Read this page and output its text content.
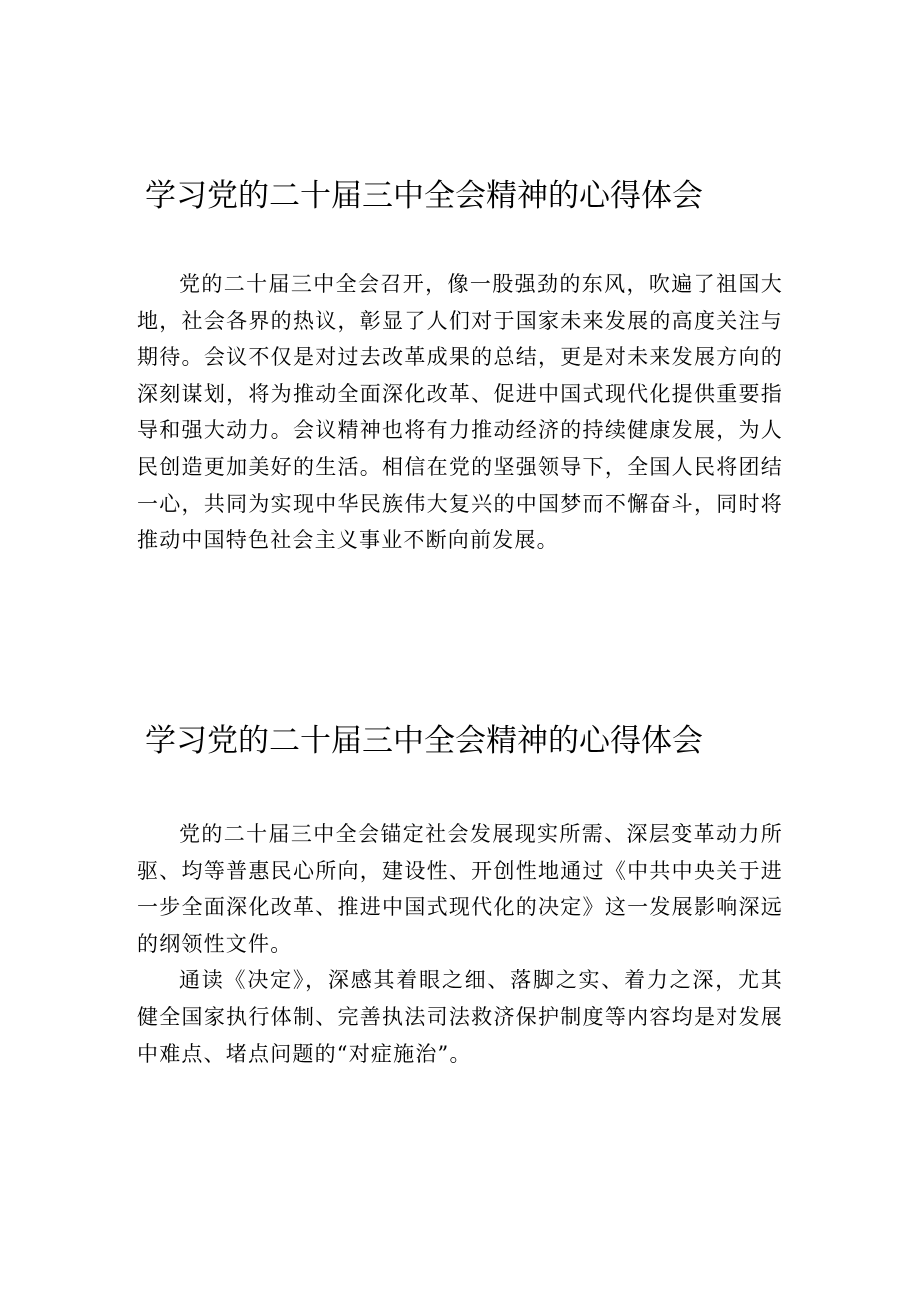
学习党的二十届三中全会精神的心得体会

党的二十届三中全会召开，像一股强劲的东风，吹遍了祖国大地，社会各界的热议，彰显了人们对于国家未来发展的高度关注与期待。会议不仅是对过去改革成果的总结，更是对未来发展方向的深刻谋划，将为推动全面深化改革、促进中国式现代化提供重要指导和强大动力。会议精神也将有力推动经济的持续健康发展，为人民创造更加美好的生活。相信在党的坚强领导下，全国人民将团结一心，共同为实现中华民族伟大复兴的中国梦而不懈奋斗，同时将推动中国特色社会主义事业不断向前发展。

学习党的二十届三中全会精神的心得体会

党的二十届三中全会锚定社会发展现实所需、深层变革动力所驱、均等普惠民心所向，建设性、开创性地通过《中共中央关于进一步全面深化改革、推进中国式现代化的决定》这一发展影响深远的纲领性文件。

通读《决定》，深感其着眼之细、落脚之实、着力之深，尤其健全国家执行体制、完善执法司法救济保护制度等内容均是对发展中难点、堵点问题的“对症施治”。
